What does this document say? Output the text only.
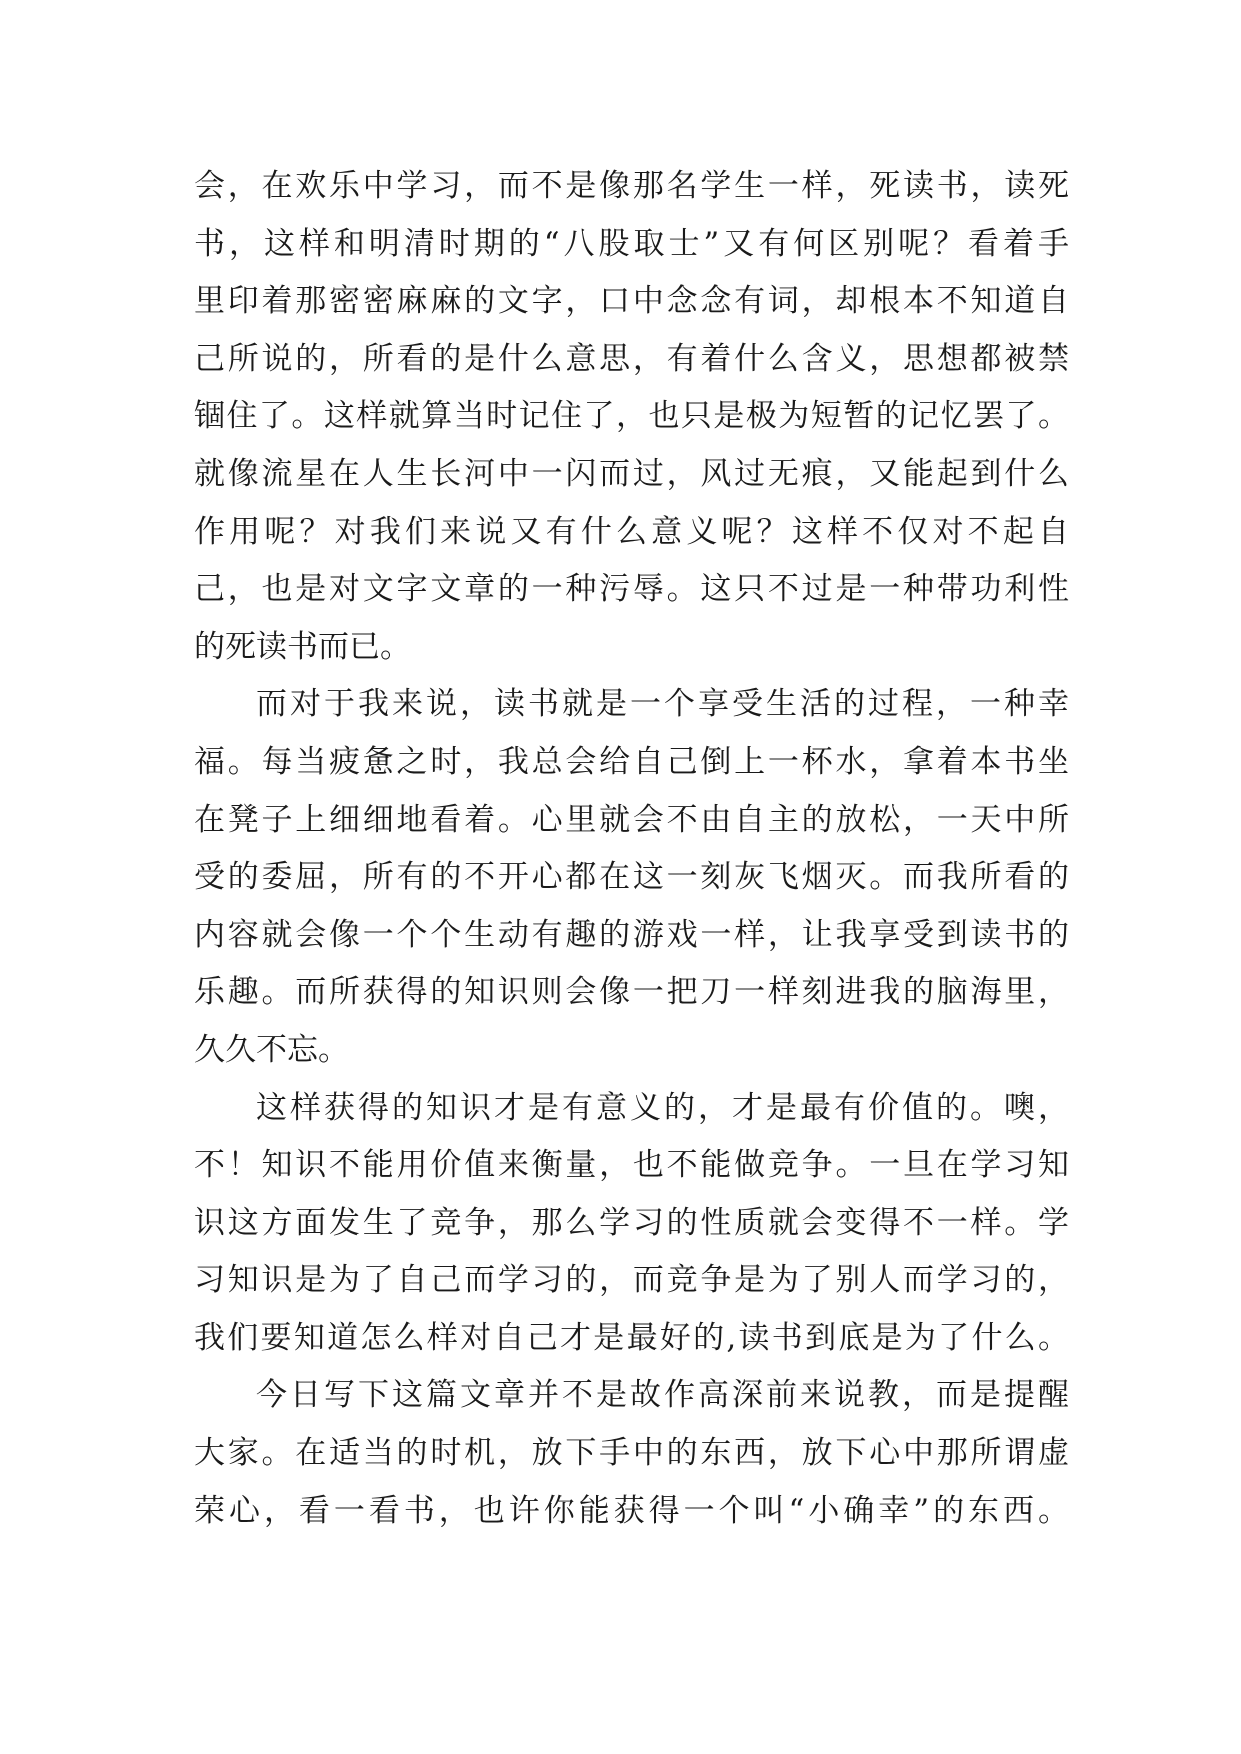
会，在欢乐中学习，而不是像那名学生一样，死读书，读死
书，这样和明清时期的“八股取士”又有何区别呢？看着手
里印着那密密麻麻的文字，口中念念有词，却根本不知道自
己所说的，所看的是什么意思，有着什么含义，思想都被禁
锢住了。这样就算当时记住了，也只是极为短暂的记忆罢了。
就像流星在人生长河中一闪而过，风过无痕，又能起到什么
作用呢？对我们来说又有什么意义呢？这样不仅对不起自
己，也是对文字文章的一种污辱。这只不过是一种带功利性
的死读书而已。
而对于我来说，读书就是一个享受生活的过程，一种幸
福。每当疲惫之时，我总会给自己倒上一杯水，拿着本书坐
在凳子上细细地看着。心里就会不由自主的放松，一天中所
受的委屈，所有的不开心都在这一刻灰飞烟灭。而我所看的
内容就会像一个个生动有趣的游戏一样，让我享受到读书的
乐趣。而所获得的知识则会像一把刀一样刻进我的脑海里，
久久不忘。
这样获得的知识才是有意义的，才是最有价值的。噢，
不！知识不能用价值来衡量，也不能做竞争。一旦在学习知
识这方面发生了竞争，那么学习的性质就会变得不一样。学
习知识是为了自己而学习的，而竞争是为了别人而学习的，
我们要知道怎么样对自己才是最好的,读书到底是为了什么。
今日写下这篇文章并不是故作高深前来说教，而是提醒
大家。在适当的时机，放下手中的东西，放下心中那所谓虚
荣心，看一看书，也许你能获得一个叫“小确幸”的东西。
